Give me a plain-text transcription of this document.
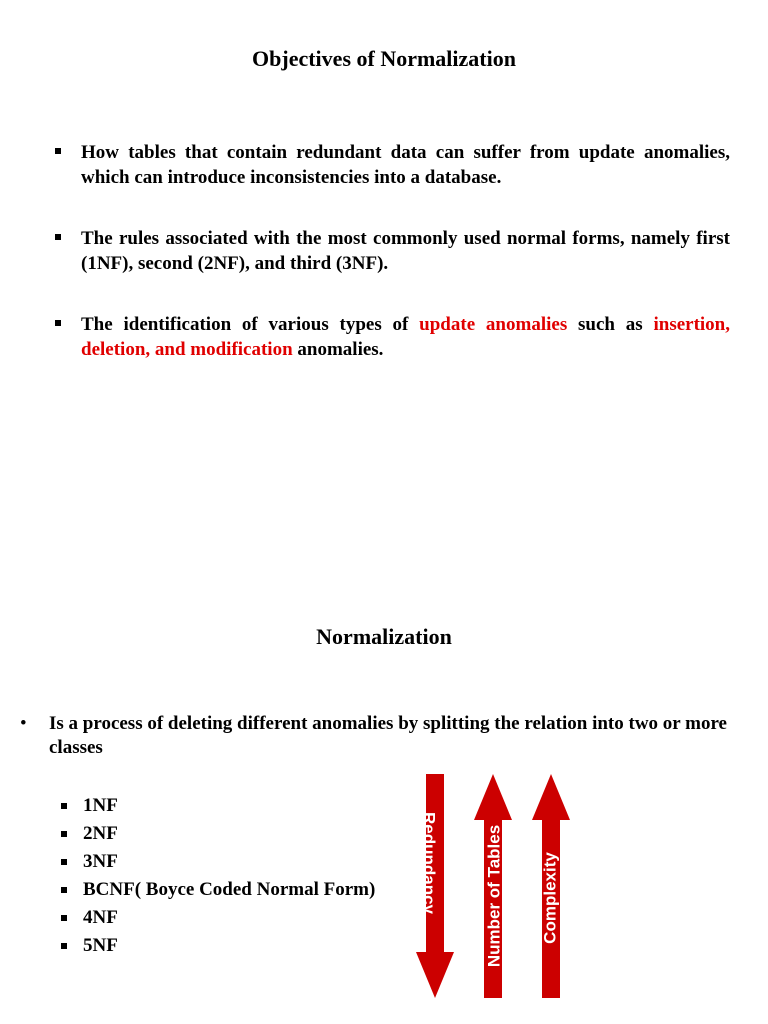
Objectives of Normalization
How tables that contain redundant data can suffer from update anomalies, which can introduce inconsistencies into a database.
The rules associated with the most commonly used normal forms, namely first (1NF), second (2NF), and third (3NF).
The identification of various types of update anomalies such as insertion, deletion, and modification anomalies.
Normalization
• Is a process of deleting different anomalies by splitting the relation into two or more classes
1NF
2NF
3NF
BCNF( Boyce Coded Normal Form)
4NF
5NF
Redundancy	Number of Tables Complexity
